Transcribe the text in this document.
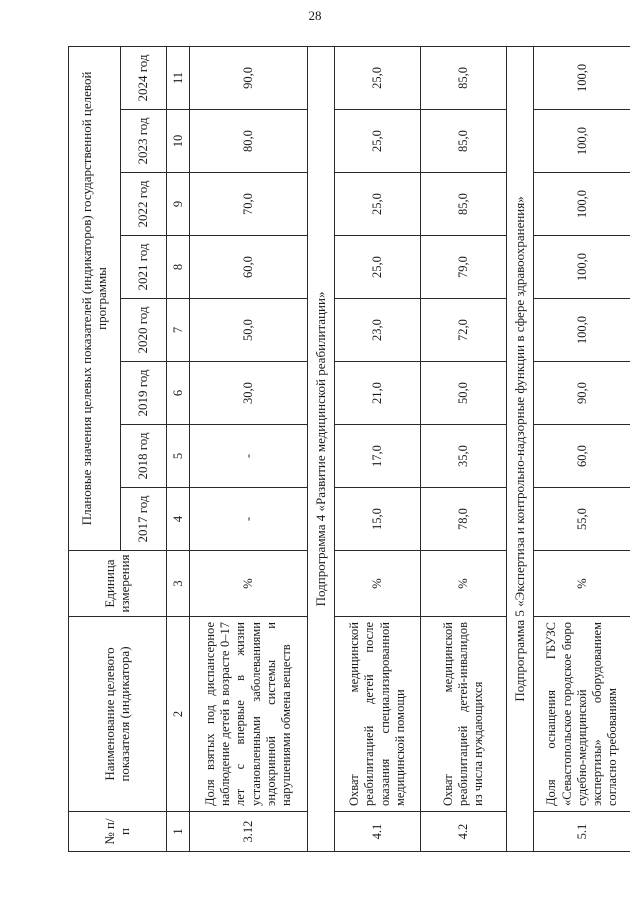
28
№ п/п	Наименование целевого показателя (индикатора)	Единица измерения	Плановые значения целевых показателей (индикаторов) государственной целевой программы							
			2017 год	2018 год	2019 год	2020 год	2021 год	2022 год	2023 год	2024 год
1	2	3	4	5	6	7	8	9	10	11
3.12	Доля взятых под диспансерное наблюдение детей в возрасте 0–17 лет с впервые в жизни установленными заболеваниями эндокринной системы и нарушениями обмена веществ	%	-	-	30,0	50,0	60,0	70,0	80,0	90,0
Подпрограмма 4 «Развитие медицинской реабилитации»										
4.1	Охват медицинской реабилитацией детей после оказания специализированной медицинской помощи	%	15,0	17,0	21,0	23,0	25,0	25,0	25,0	25,0
4.2	Охват медицинской реабилитацией детей-инвалидов из числа нуждающихся	%	78,0	35,0	50,0	72,0	79,0	85,0	85,0	85,0
Подпрограмма 5 «Экспертиза и контрольно-надзорные функции в сфере здравоохранения»										
5.1	Доля оснащения ГБУЗС «Севастопольское городское бюро судебно-медицинской экспертизы» оборудованием согласно требованиям	%	55,0	60,0	90,0	100,0	100,0	100,0	100,0	100,0
